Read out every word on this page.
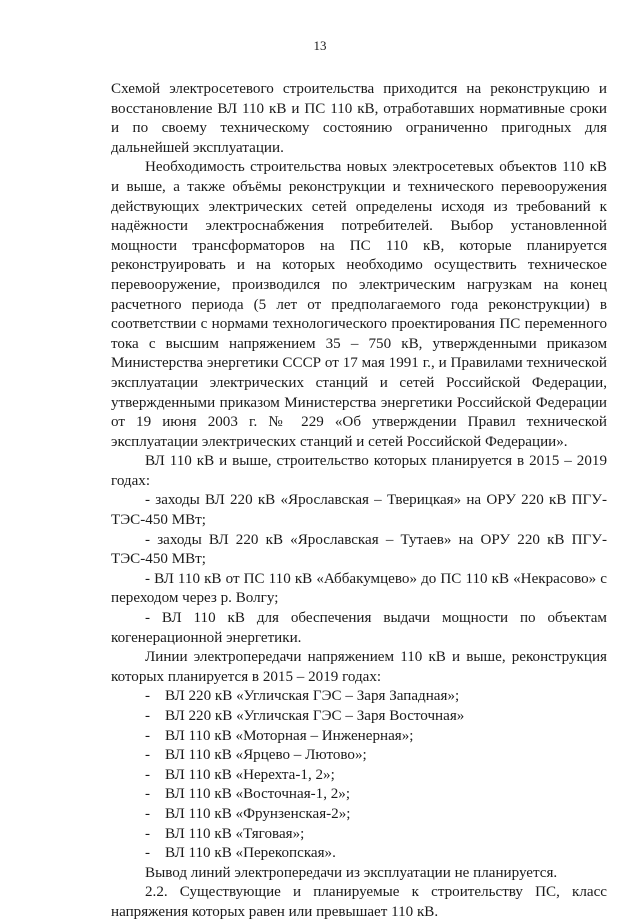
13

Схемой электросетевого строительства приходится на реконструкцию и восстановление ВЛ 110 кВ и ПС 110 кВ, отработавших нормативные сроки и по своему техническому состоянию ограниченно пригодных для дальнейшей эксплуатации.

Необходимость строительства новых электросетевых объектов 110 кВ и выше, а также объёмы реконструкции и технического перевооружения действующих электрических сетей определены исходя из требований к надёжности электроснабжения потребителей. Выбор установленной мощности трансформаторов на ПС 110 кВ, которые планируется реконструировать и на которых необходимо осуществить техническое перевооружение, производился по электрическим нагрузкам на конец расчетного периода (5 лет от предполагаемого года реконструкции) в соответствии с нормами технологического проектирования ПС переменного тока с высшим напряжением 35 – 750 кВ, утвержденными приказом Министерства энергетики СССР от 17 мая 1991 г., и Правилами технической эксплуатации электрических станций и сетей Российской Федерации, утвержденными приказом Министерства энергетики Российской Федерации от 19 июня 2003 г. № 229 «Об утверждении Правил технической эксплуатации электрических станций и сетей Российской Федерации».

ВЛ 110 кВ и выше, строительство которых планируется в 2015 – 2019 годах:

- заходы ВЛ 220 кВ «Ярославская – Тверицкая» на ОРУ 220 кВ ПГУ-ТЭС-450 МВт;

- заходы ВЛ 220 кВ «Ярославская – Тутаев» на ОРУ 220 кВ ПГУ-ТЭС-450 МВт;

- ВЛ 110 кВ от ПС 110 кВ «Аббакумцево» до ПС 110 кВ «Некрасово» с переходом через р. Волгу;

- ВЛ 110 кВ для обеспечения выдачи мощности по объектам когенерационной энергетики.

Линии электропередачи напряжением 110 кВ и выше, реконструкция которых планируется в 2015 – 2019 годах:

- ВЛ 220 кВ «Угличская ГЭС – Заря Западная»;
- ВЛ 220 кВ «Угличская ГЭС – Заря Восточная»
- ВЛ 110 кВ «Моторная – Инженерная»;
- ВЛ 110 кВ «Ярцево – Лютово»;
- ВЛ 110 кВ «Нерехта-1, 2»;
- ВЛ 110 кВ «Восточная-1, 2»;
- ВЛ 110 кВ «Фрунзенская-2»;
- ВЛ 110 кВ «Тяговая»;
- ВЛ 110 кВ «Перекопская».

Вывод линий электропередачи из эксплуатации не планируется.

2.2. Существующие и планируемые к строительству ПС, класс напряжения которых равен или превышает 110 кВ.
